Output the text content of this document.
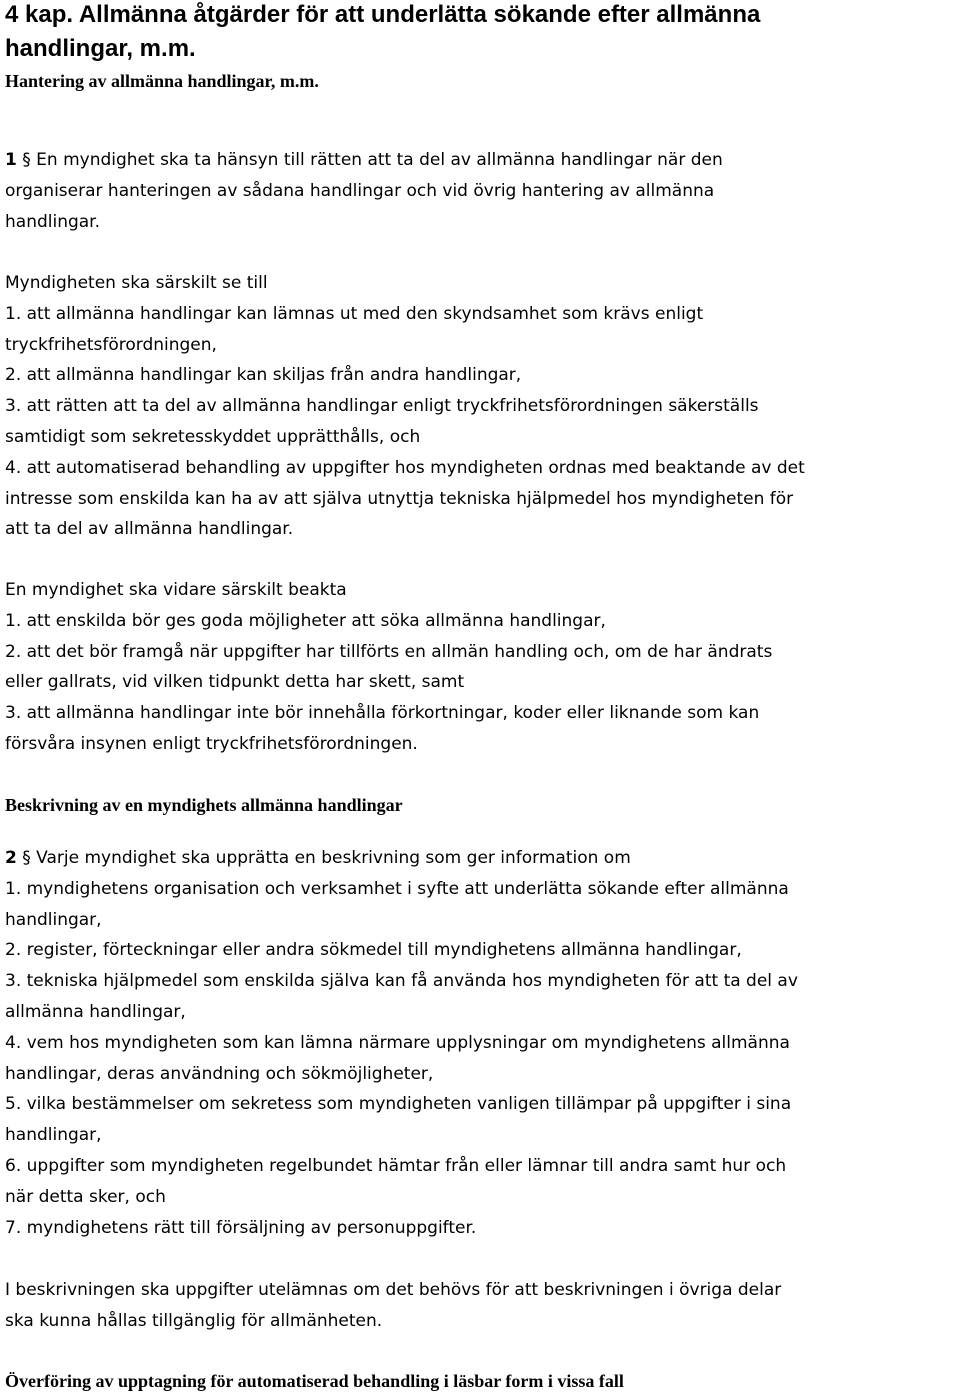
4 kap. Allmänna åtgärder för att underlätta sökande efter allmänna

handlingar, m.m.

Hantering av allmänna handlingar, m.m.

1 § En myndighet ska ta hänsyn till rätten att ta del av allmänna handlingar när den
organiserar hanteringen av sådana handlingar och vid övrig hantering av allmänna
handlingar.
Myndigheten ska särskilt se till
1. att allmänna handlingar kan lämnas ut med den skyndsamhet som krävs enligt
tryckfrihetsförordningen,
2. att allmänna handlingar kan skiljas från andra handlingar,
3. att rätten att ta del av allmänna handlingar enligt tryckfrihetsförordningen säkerställs
samtidigt som sekretesskyddet upprätthålls, och
4. att automatiserad behandling av uppgifter hos myndigheten ordnas med beaktande av det
intresse som enskilda kan ha av att själva utnyttja tekniska hjälpmedel hos myndigheten för
att ta del av allmänna handlingar.
En myndighet ska vidare särskilt beakta
1. att enskilda bör ges goda möjligheter att söka allmänna handlingar,
2. att det bör framgå när uppgifter har tillförts en allmän handling och, om de har ändrats
eller gallrats, vid vilken tidpunkt detta har skett, samt
3. att allmänna handlingar inte bör innehålla förkortningar, koder eller liknande som kan
försvåra insynen enligt tryckfrihetsförordningen.

Beskrivning av en myndighets allmänna handlingar

2 § Varje myndighet ska upprätta en beskrivning som ger information om
1. myndighetens organisation och verksamhet i syfte att underlätta sökande efter allmänna
handlingar,
2. register, förteckningar eller andra sökmedel till myndighetens allmänna handlingar,
3. tekniska hjälpmedel som enskilda själva kan få använda hos myndigheten för att ta del av
allmänna handlingar,
4. vem hos myndigheten som kan lämna närmare upplysningar om myndighetens allmänna
handlingar, deras användning och sökmöjligheter,
5. vilka bestämmelser om sekretess som myndigheten vanligen tillämpar på uppgifter i sina
handlingar,
6. uppgifter som myndigheten regelbundet hämtar från eller lämnar till andra samt hur och
när detta sker, och
7. myndighetens rätt till försäljning av personuppgifter.
I beskrivningen ska uppgifter utelämnas om det behövs för att beskrivningen i övriga delar
ska kunna hållas tillgänglig för allmänheten.

Överföring av upptagning för automatiserad behandling i läsbar form i vissa fall
